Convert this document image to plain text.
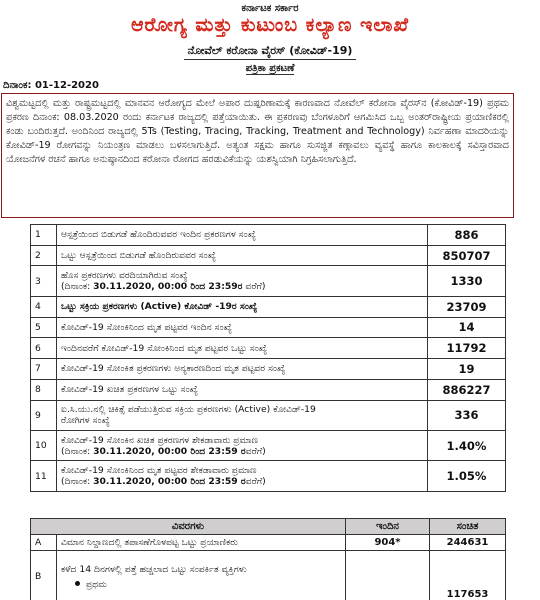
ಕರ್ನಾಟಕ ಸರ್ಕಾರ
ಆರೋಗ್ಯ ಮತ್ತು ಕುಟುಂಬ ಕಲ್ಯಾಣ ಇಲಾಖೆ
ನೋವೆಲ್ ಕರೋನಾ ವೈರಸ್ (ಕೋವಿಡ್-19)
ಪತ್ರಿಕಾ ಪ್ರಕಟಣೆ
ದಿನಾಂಕ: 01-12-2020
ವಿಶ್ವಮಟ್ಟದಲ್ಲಿ ಮತ್ತು ರಾಷ್ಟ್ರಮಟ್ಟದಲ್ಲಿ ಮಾನವನ ಆರೋಗ್ಯದ ಮೇಲೆ ಅಪಾರ ದುಷ್ಪರಿಣಾಮಕ್ಕೆ ಕಾರಣವಾದ ನೋವೆಲ್ ಕರೋನಾ ವೈರಸ್‌ನ (ಕೋವಿಡ್-19) ಪ್ರಥಮ ಪ್ರಕರಣ ದಿನಾಂಕ: 08.03.2020 ರಂದು ಕರ್ನಾಟಕ ರಾಜ್ಯದಲ್ಲಿ ಪತ್ತೆಯಾಯಿತು. ಈ ಪ್ರಕರಣವು ಬೆಂಗಳೂರಿಗೆ ಆಗಮಿಸಿದ ಒಬ್ಬ ಅಂತರ್‌ರಾಷ್ಟ್ರೀಯ ಪ್ರಯಾಣಿಕರಲ್ಲಿ ಕಂಡು ಬಂದಿರುತ್ತದೆ. ಅಂದಿನಿಂದ ರಾಜ್ಯದಲ್ಲಿ 5Ts (Testing, Tracing, Tracking, Treatment and Technology) ನಿರ್ವಹಣಾ ಮಾದರಿಯನ್ನು ಕೋವಿಡ್-19 ರೋಗವನ್ನು ನಿಯಂತ್ರಣ ಮಾಡಲು ಬಳಸಲಾಗುತ್ತಿದೆ. ಅತ್ಯಂತ ಸಕ್ಷಮ ಹಾಗೂ ಸುಸಜ್ಜಿತ ಕಣ್ಗಾವಲು ವ್ಯವಸ್ಥೆ ಹಾಗೂ ಕಾಲಕಾಲಕ್ಕೆ ಸವಿಸ್ತಾರವಾದ ಯೋಜನೆಗಳ ರಚನೆ ಹಾಗೂ ಅನುಷ್ಠಾನದಿಂದ ಕರೋನಾ ರೋಗದ ಹರಡುವಿಕೆಯನ್ನು ಯಶಸ್ವಿಯಾಗಿ ನಿಗ್ರಹಿಸಲಾಗುತ್ತಿದೆ.
1	ಆಸ್ಪತ್ರೆಯಿಂದ ಬಿಡುಗಡೆ ಹೊಂದಿರುವವರ ಇಂದಿನ ಪ್ರಕರಣಗಳ ಸಂಖ್ಯೆ	886
2	ಒಟ್ಟು ಆಸ್ಪತ್ರೆಯಿಂದ ಬಿಡುಗಡೆ ಹೊಂದಿರುವವರ ಸಂಖ್ಯೆ	850707
3	ಹೊಸ ಪ್ರಕರಣಗಳು ವರದಿಯಾಗಿರುವ ಸಂಖ್ಯೆ
(ದಿನಾಂಕ: 30.11.2020, 00:00 ರಿಂದ 23:59ರ ವರೆಗೆ)	1330
4	ಒಟ್ಟು ಸಕ್ರಿಯ ಪ್ರಕರಣಗಳು (Active) ಕೋವಿಡ್ -19ರ ಸಂಖ್ಯೆ	23709
5	ಕೋವಿಡ್-19 ಸೋಂಕಿನಿಂದ ಮೃತ ಪಟ್ಟವರ ಇಂದಿನ ಸಂಖ್ಯೆ	14
6	ಇಂದಿನವರೆಗೆ ಕೋವಿಡ್-19 ಸೋಂಕಿನಿಂದ ಮೃತ ಪಟ್ಟವರ ಒಟ್ಟು ಸಂಖ್ಯೆ	11792
7	ಕೋವಿಡ್-19 ಸೋಂಕಿತ ಪ್ರಕರಣಗಳು ಅನ್ಯಕಾರಣದಿಂದ ಮೃತ ಪಟ್ಟವರ ಸಂಖ್ಯೆ	19
8	ಕೋವಿಡ್-19 ಖಚಿತ ಪ್ರಕರಣಗಳ ಒಟ್ಟು ಸಂಖ್ಯೆ	886227
9	ಐ.ಸಿ.ಯು.ನಲ್ಲಿ ಚಿಕಿತ್ಸೆ ಪಡೆಯುತ್ತಿರುವ ಸಕ್ರಿಯ ಪ್ರಕರಣಗಳು (Active) ಕೋವಿಡ್-19
ರೋಗಿಗಳ ಸಂಖ್ಯೆ	336
10	ಕೋವಿಡ್-19 ಸೋಂಕಿನ ಖಚಿತ ಪ್ರಕರಣಗಳ ಶೇಕಡಾವಾರು ಪ್ರಮಾಣ
(ದಿನಾಂಕ: 30.11.2020, 00:00 ರಿಂದ 23:59 ರವರೆಗೆ)	1.40%
11	ಕೋವಿಡ್-19 ಸೋಂಕಿನಿಂದ ಮೃತ ಪಟ್ಟವರ ಶೇಕಡಾವಾರು ಪ್ರಮಾಣ
(ದಿನಾಂಕ: 30.11.2020, 00:00 ರಿಂದ 23:59 ರವರೆಗೆ)	1.05%
ವಿವರಗಳು		ಇಂದಿನ	ಸಂಚಿತ
A	ವಿಮಾನ ನಿಲ್ದಾಣದಲ್ಲಿ ತಪಾಸಣೆಗೊಳಪಟ್ಟ ಒಟ್ಟು ಪ್ರಯಾಣಿಕರು	904*	244631
B	ಕಳೆದ 14 ದಿನಗಳಲ್ಲಿ ಪತ್ತೆ ಹಚ್ಚಲಾದ ಒಟ್ಟು ಸಂಪರ್ಕಿತ ವ್ಯಕ್ತಿಗಳು
ಪ್ರಥಮ		117653
